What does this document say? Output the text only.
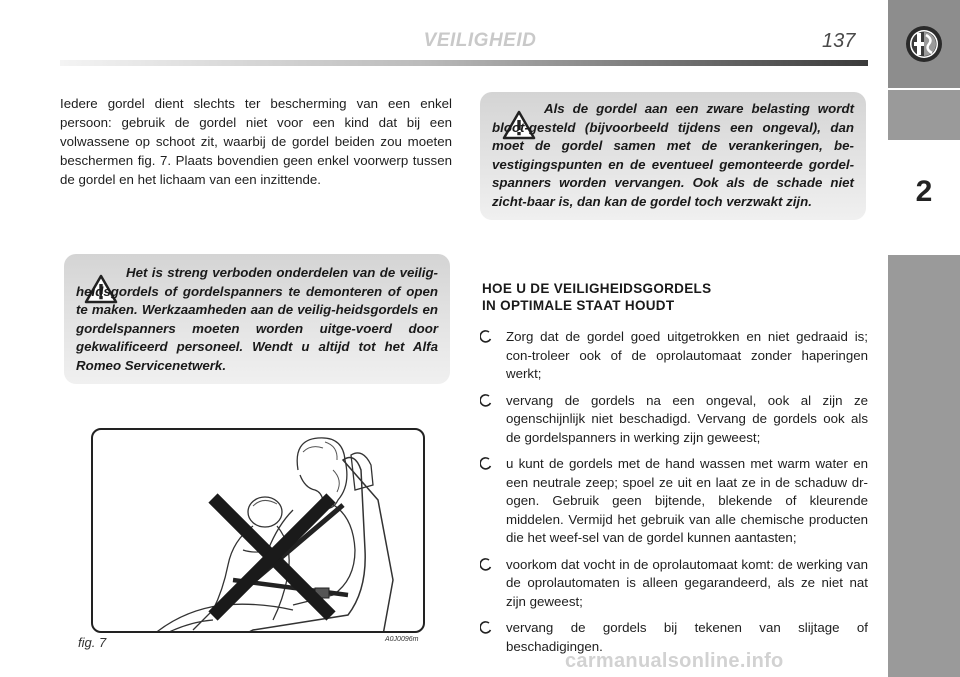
VEILIGHEID	137
2
Iedere gordel dient slechts ter bescherming van een enkel persoon: gebruik de gordel niet voor een kind dat bij een volwassene op schoot zit, waarbij de gordel beiden zou moeten beschermen fig. 7. Plaats bovendien geen enkel voorwerp tussen de gordel en het lichaam van een inzittende.
Als de gordel aan een zware belasting wordt bloot-gesteld (bijvoorbeeld tijdens een ongeval), dan moet de gordel samen met de verankeringen, be-vestigingspunten en de eventueel gemonteerde gordel-spanners worden vervangen. Ook als de schade niet zicht-baar is, dan kan de gordel toch verzwakt zijn.
Het is streng verboden onderdelen van de veilig-heidsgordels of gordelspanners te demonteren of open te maken. Werkzaamheden aan de veilig-heidsgordels en gordelspanners moeten worden uitge-voerd door gekwalificeerd personeel. Wendt u altijd tot het Alfa Romeo Servicenetwerk.
HOE U DE VEILIGHEIDSGORDELS
IN OPTIMALE STAAT HOUDT
Zorg dat de gordel goed uitgetrokken en niet gedraaid is; con-troleer ook of de oprolautomaat zonder haperingen werkt;
vervang de gordels na een ongeval, ook al zijn ze ogenschijnlijk niet beschadigd. Vervang de gordels ook als de gordelspanners in werking zijn geweest;
u kunt de gordels met de hand wassen met warm water en een neutrale zeep; spoel ze uit en laat ze in de schaduw dr-ogen. Gebruik geen bijtende, blekende of kleurende middelen. Vermijd het gebruik van alle chemische producten die het weef-sel van de gordel kunnen aantasten;
voorkom dat vocht in de oprolautomaat komt: de werking van de oprolautomaten is alleen gegarandeerd, als ze niet nat zijn geweest;
vervang de gordels bij tekenen van slijtage of beschadigingen.
fig. 7	A0J0096m
carmanualsonline.info
